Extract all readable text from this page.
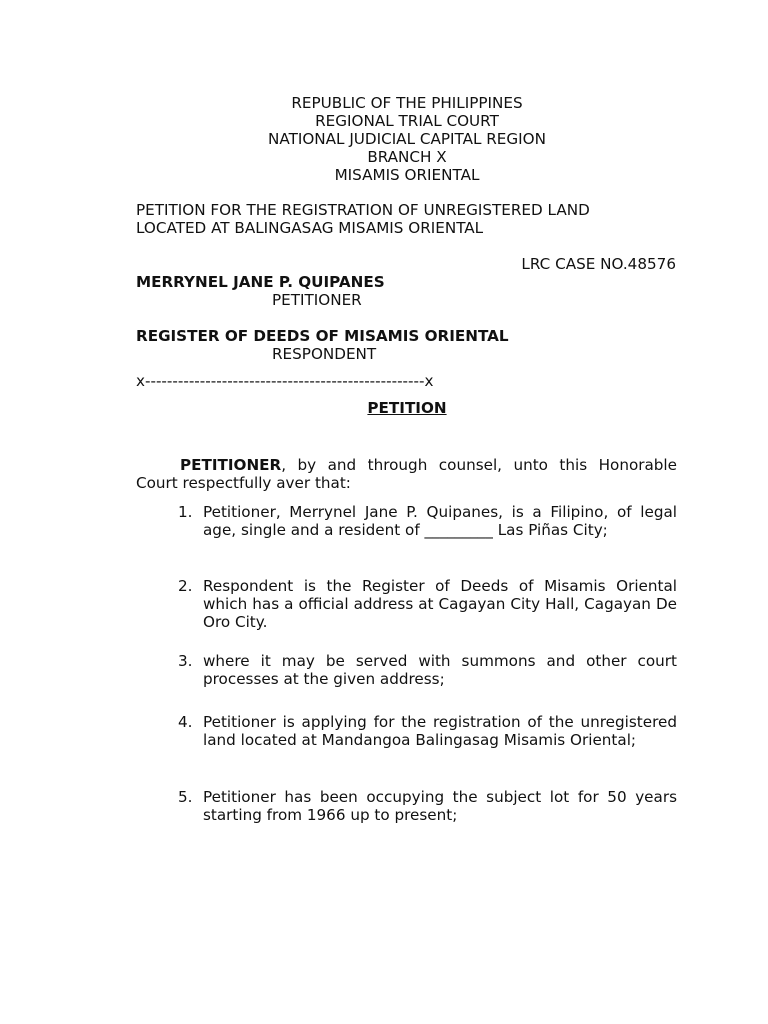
REPUBLIC OF THE PHILIPPINES
REGIONAL TRIAL COURT
NATIONAL JUDICIAL CAPITAL REGION
BRANCH X
MISAMIS ORIENTAL
PETITION FOR THE REGISTRATION OF UNREGISTERED LAND
LOCATED AT BALINGASAG MISAMIS ORIENTAL
LRC CASE NO.48576
MERRYNEL JANE P. QUIPANES
PETITIONER
REGISTER OF DEEDS OF MISAMIS ORIENTAL
RESPONDENT
x---------------------------------------------------x
PETITION
PETITIONER, by and through counsel, unto this Honorable Court respectfully aver that:
1. Petitioner, Merrynel Jane P. Quipanes, is a Filipino, of legal age, single and a resident of _________ Las Piñas City;
2. Respondent is the Register of Deeds of Misamis Oriental which has a official address at Cagayan City Hall, Cagayan De Oro City.
3. where it may be served with summons and other court processes at the given address;
4. Petitioner is applying for the registration of the unregistered land located at Mandangoa Balingasag Misamis Oriental;
5. Petitioner has been occupying the subject lot for 50 years starting from 1966 up to present;
